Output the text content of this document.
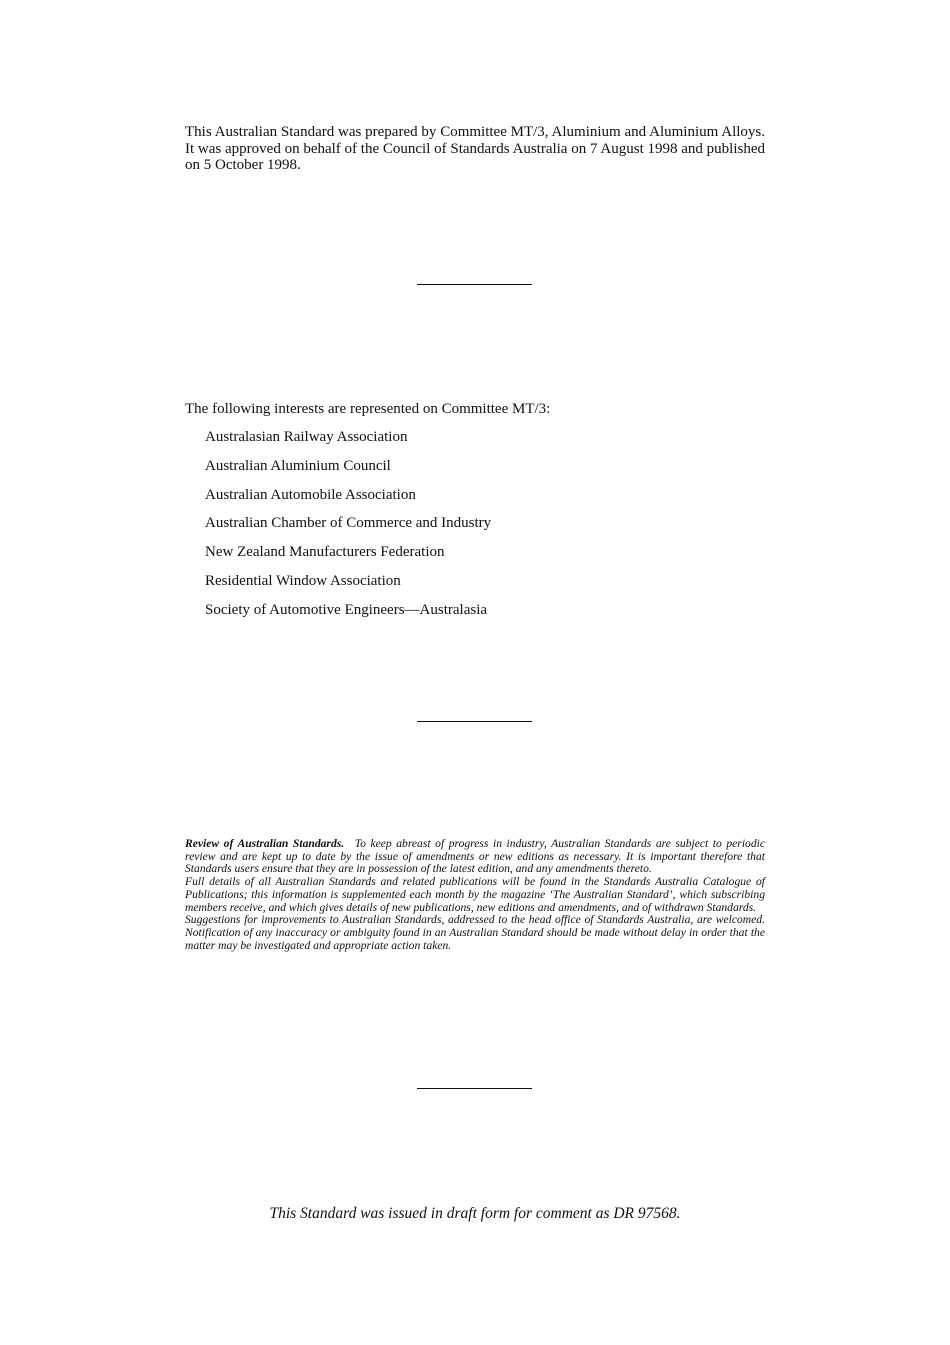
This Australian Standard was prepared by Committee MT/3, Aluminium and Aluminium Alloys. It was approved on behalf of the Council of Standards Australia on 7 August 1998 and published on 5 October 1998.

The following interests are represented on Committee MT/3:

Australasian Railway Association
Australian Aluminium Council
Australian Automobile Association
Australian Chamber of Commerce and Industry
New Zealand Manufacturers Federation
Residential Window Association
Society of Automotive Engineers—Australasia

Review of Australian Standards. To keep abreast of progress in industry, Australian Standards are subject to periodic review and are kept up to date by the issue of amendments or new editions as necessary. It is important therefore that Standards users ensure that they are in possession of the latest edition, and any amendments thereto.

Full details of all Australian Standards and related publications will be found in the Standards Australia Catalogue of Publications; this information is supplemented each month by the magazine ‘The Australian Standard’, which subscribing members receive, and which gives details of new publications, new editions and amendments, and of withdrawn Standards.

Suggestions for improvements to Australian Standards, addressed to the head office of Standards Australia, are welcomed. Notification of any inaccuracy or ambiguity found in an Australian Standard should be made without delay in order that the matter may be investigated and appropriate action taken.

This Standard was issued in draft form for comment as DR 97568.
